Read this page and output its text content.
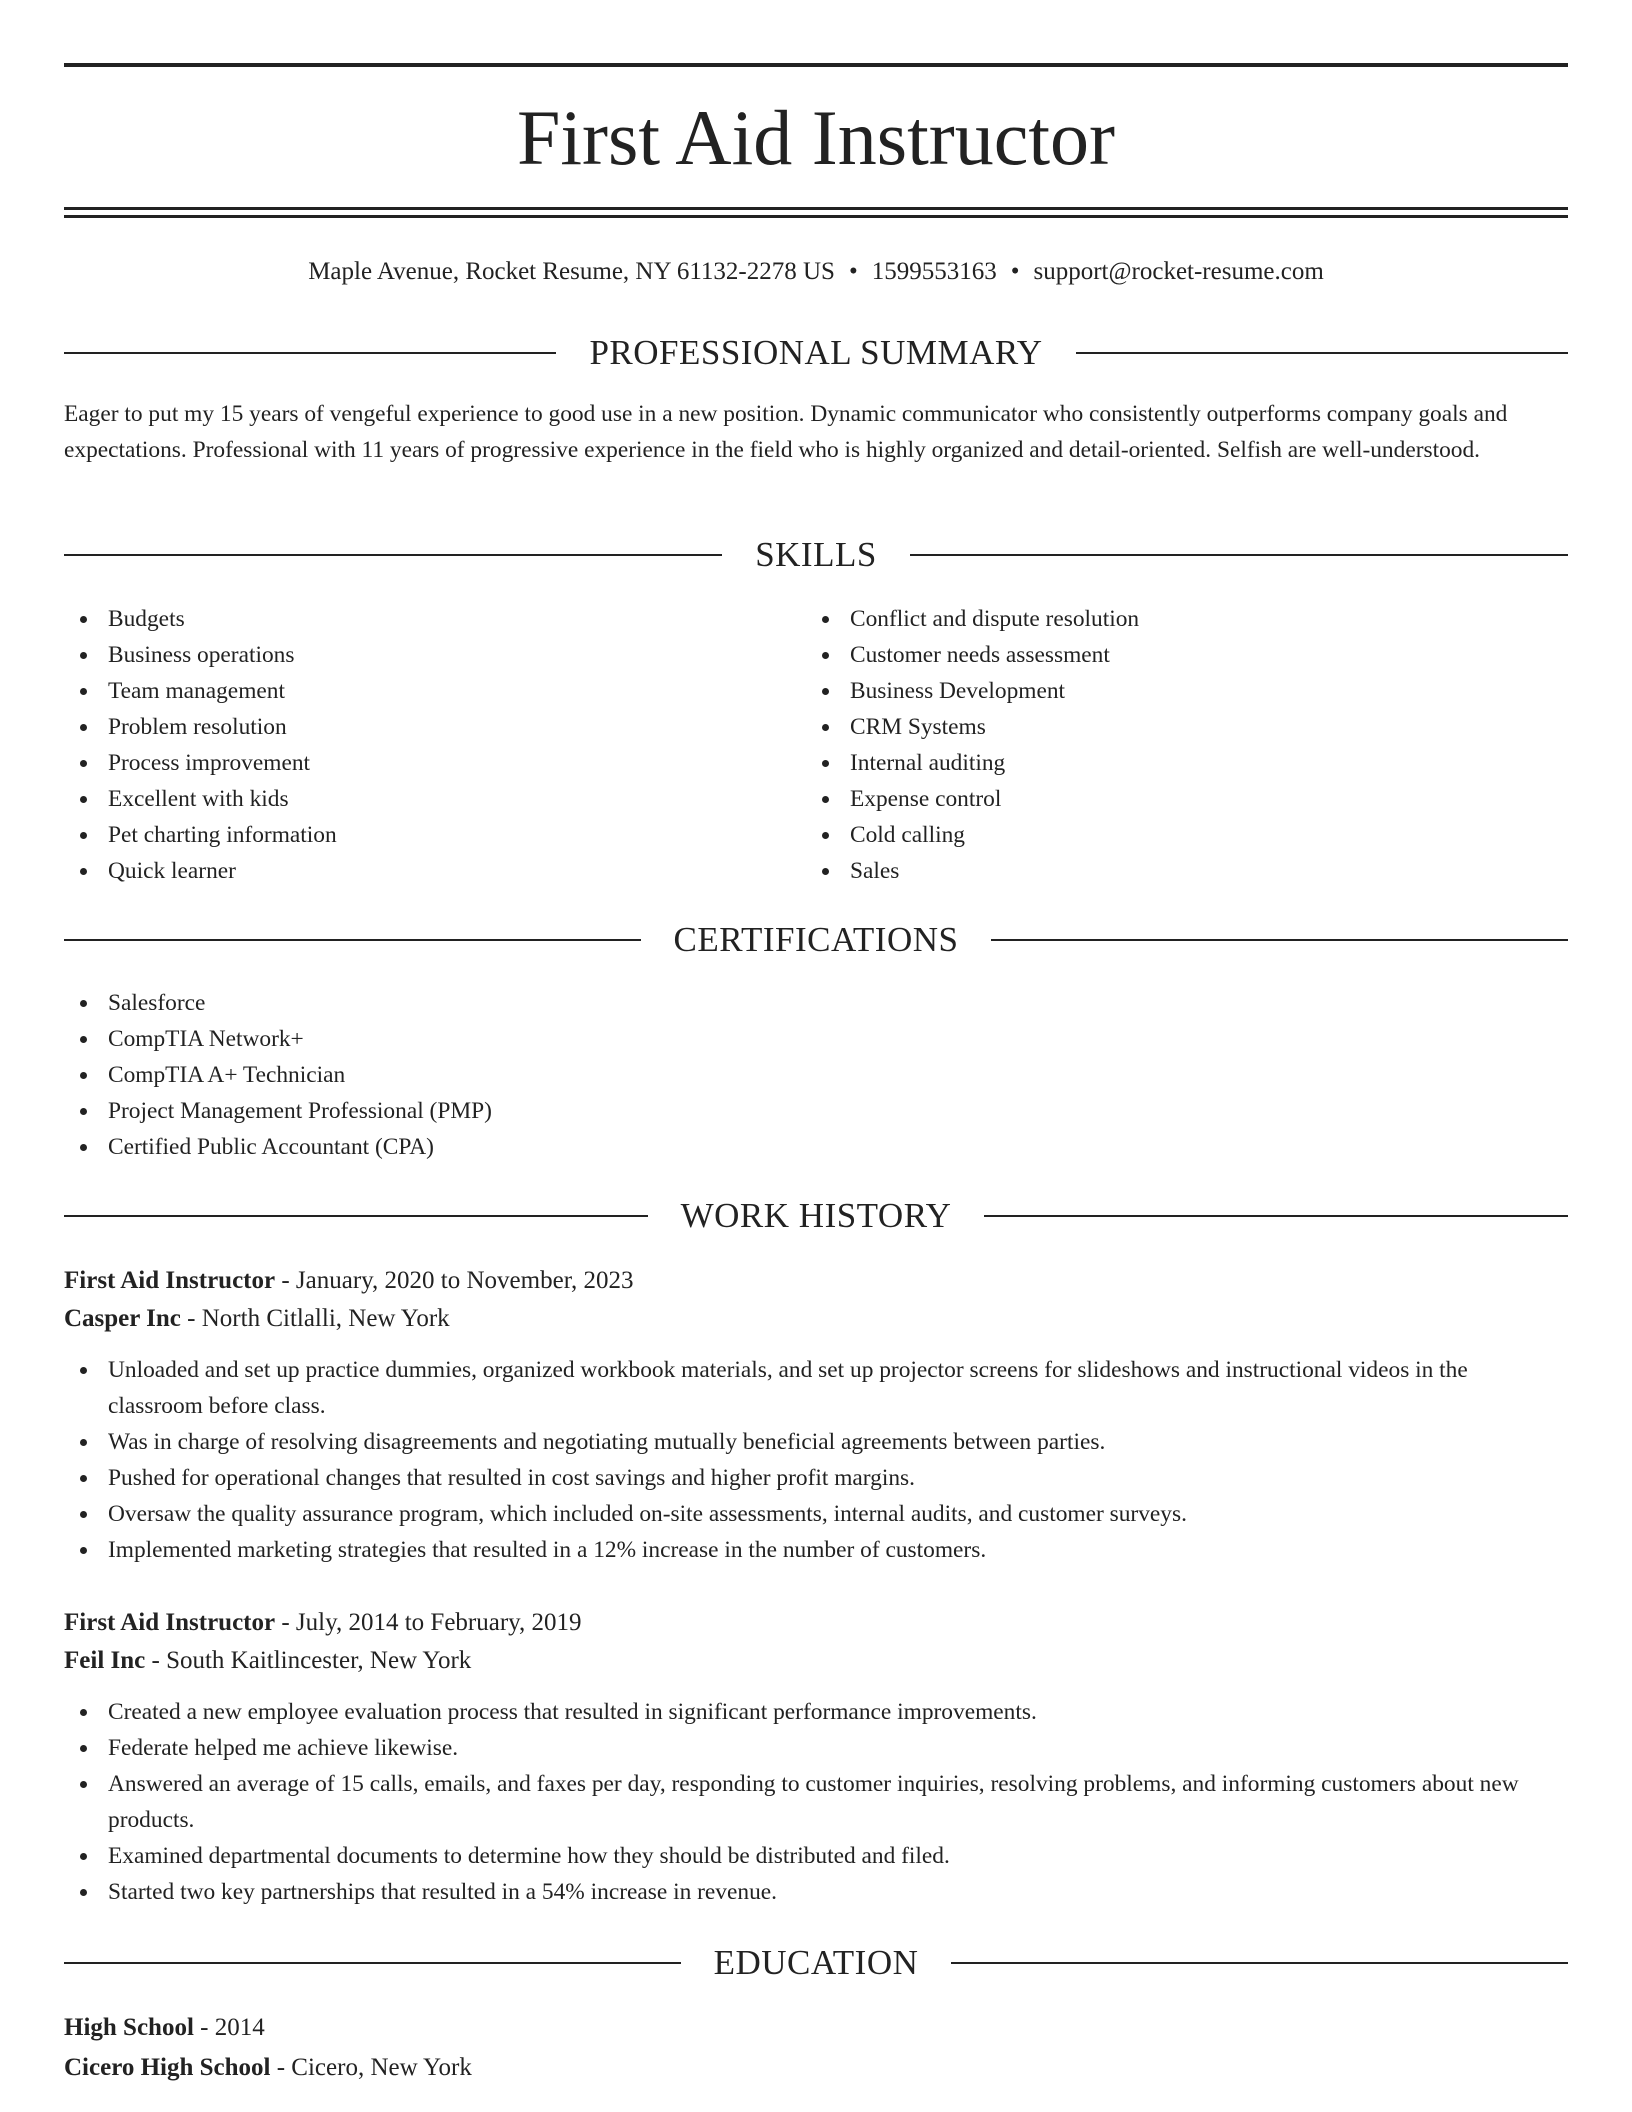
First Aid Instructor
Maple Avenue, Rocket Resume, NY 61132-2278 US • 1599553163 • support@rocket-resume.com
PROFESSIONAL SUMMARY

Eager to put my 15 years of vengeful experience to good use in a new position. Dynamic communicator who consistently outperforms company goals and expectations. Professional with 11 years of progressive experience in the field who is highly organized and detail-oriented. Selfish are well-understood.

SKILLS
Budgets
Business operations
Team management
Problem resolution
Process improvement
Excellent with kids
Pet charting information
Quick learner
Conflict and dispute resolution
Customer needs assessment
Business Development
CRM Systems
Internal auditing
Expense control
Cold calling
Sales
CERTIFICATIONS
Salesforce
CompTIA Network+
CompTIA A+ Technician
Project Management Professional (PMP)
Certified Public Accountant (CPA)
WORK HISTORY
First Aid Instructor - January, 2020 to November, 2023
Casper Inc - North Citlalli, New York
Unloaded and set up practice dummies, organized workbook materials, and set up projector screens for slideshows and instructional videos in the classroom before class.
Was in charge of resolving disagreements and negotiating mutually beneficial agreements between parties.
Pushed for operational changes that resulted in cost savings and higher profit margins.
Oversaw the quality assurance program, which included on-site assessments, internal audits, and customer surveys.
Implemented marketing strategies that resulted in a 12% increase in the number of customers.
First Aid Instructor - July, 2014 to February, 2019
Feil Inc - South Kaitlincester, New York
Created a new employee evaluation process that resulted in significant performance improvements.
Federate helped me achieve likewise.
Answered an average of 15 calls, emails, and faxes per day, responding to customer inquiries, resolving problems, and informing customers about new products.
Examined departmental documents to determine how they should be distributed and filed.
Started two key partnerships that resulted in a 54% increase in revenue.
EDUCATION
High School - 2014
Cicero High School - Cicero, New York
